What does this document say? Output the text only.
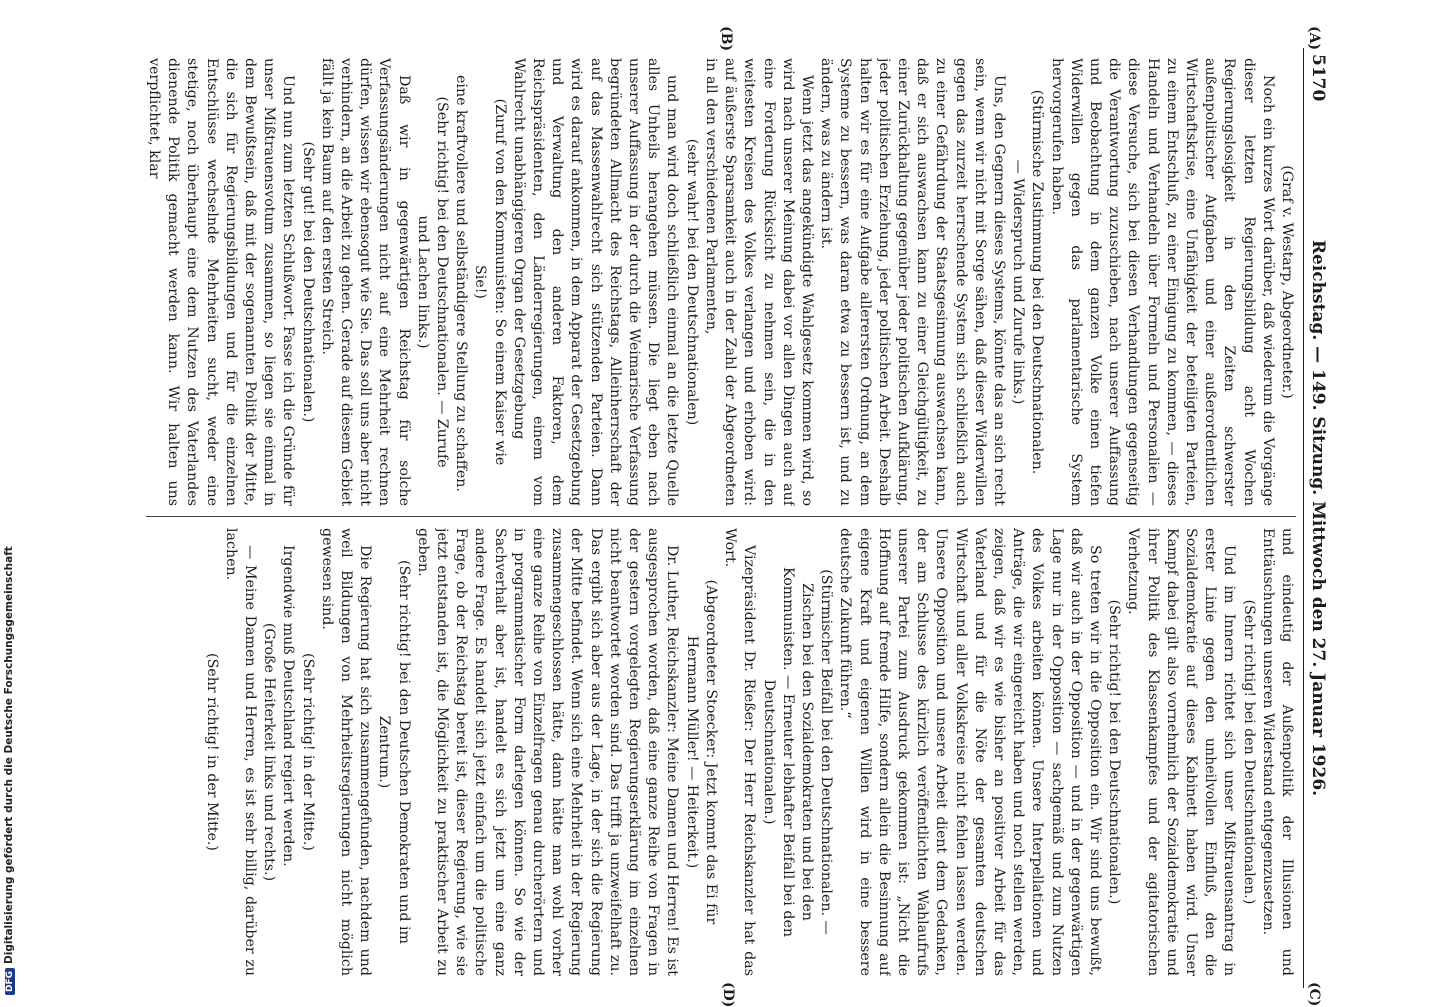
DFGDigitalisierung gefördert durch die Deutsche Forschungsgemeinschaft
5170
Reichstag. — 149. Sitzung. Mittwoch den 27. Januar 1926.
(A)
(B)
(C)
(D)

(Graf v. Westarp, Abgeordneter.)

Noch ein kurzes Wort darüber, daß wiederum die Vorgänge dieser letzten Regierungsbildung acht Wochen Regierungslosigkeit in den Zeiten schwerster außenpolitischer Aufgaben und einer außerordentlichen Wirtschaftskrise, eine Unfähigkeit der beteiligten Parteien, zu einem Entschluß, zu einer Einigung zu kommen, — dieses Handeln und Verhandeln über Formeln und Personalien — diese Versuche, sich bei diesen Verhandlungen gegenseitig die Verantwortung zuzuschieben, nach unserer Auffassung und Beobachtung in dem ganzen Volke einen tiefen Widerwillen gegen das parlamentarische System hervorgerufen haben.

(Stürmische Zustimmung bei den Deutschnationalen. — Widerspruch und Zurufe links.)

Uns, den Gegnern dieses Systems, könnte das an sich recht sein, wenn wir nicht mit Sorge sähen, daß dieser Widerwillen gegen das zurzeit herrschende System sich schließlich auch zu einer Gefährdung der Staatsgesinnung auswachsen kann, daß er sich auswachsen kann zu einer Gleichgültigkeit, zu einer Zurückhaltung gegenüber jeder politischen Aufklärung, jeder politischen Erziehung, jeder politischen Arbeit. Deshalb halten wir es für eine Aufgabe allerersten Ordnung, an dem Systeme zu bessern, was daran etwa zu bessern ist, und zu ändern, was zu ändern ist.

Wenn jetzt das angekündigte Wahlgesetz kommen wird, so wird nach unserer Meinung dabei vor allen Dingen auch auf eine Forderung Rücksicht zu nehmen sein, die in den weitesten Kreisen des Volkes verlangen und erhoben wird: auf äußerste Sparsamkeit auch in der Zahl der Abgeordneten in all den verschiedenen Parlamenten,

(sehr wahr! bei den Deutschnationalen)

und man wird doch schließlich einmal an die letzte Quelle alles Unheils herangehen müssen. Die liegt eben nach unserer Auffassung in der durch die Weimarische Verfassung begründeten Allmacht des Reichstags, Alleinherrschaft der auf das Massenwahlrecht sich stützenden Parteien. Dann wird es darauf ankommen, in dem Apparat der Gesetzgebung und Verwaltung den anderen Faktoren, dem Reichspräsidenten, den Länderregierungen, einem vom Wahlrecht unabhängigeren Organ der Gesetzgebung

(Zuruf von den Kommunisten: So einem Kaiser wie Sie!)

eine kraftvollere und selbständigere Stellung zu schaffen.

(Sehr richtig! bei den Deutschnationalen. — Zurufe und Lachen links.)

Daß wir in gegenwärtigen Reichstag für solche Verfassungsänderungen nicht auf eine Mehrheit rechnen dürfen, wissen wir ebensogut wie Sie. Das soll uns aber nicht verhindern, an die Arbeit zu gehen. Gerade auf diesem Gebiet fällt ja kein Baum auf den ersten Streich.

(Sehr gut! bei den Deutschnationalen.)

Und nun zum letzten Schlußwort. Fasse ich die Gründe für unser Mißtrauensvotum zusammen, so liegen sie einmal in dem Bewußtsein, daß mit der sogenannten Politik der Mitte, die sich für Regierungsbildungen und für die einzelnen Entschlüsse wechselnde Mehrheiten sucht, weder eine stetige, noch überhaupt eine dem Nutzen des Vaterlandes dienende Politik gemacht werden kann. Wir halten uns verpflichtet, klar

und eindeutig der Außenpolitik der Illusionen und Enttäuschungen unseren Widerstand entgegenzusetzen.

(Sehr richtig! bei den Deutschnationalen.)

Und im Innern richtet sich unser Mißtrauensantrag in erster Linie gegen den unheilvollen Einfluß, den die Sozialdemokratie auf dieses Kabinett haben wird. Unser Kampf dabei gilt also vornehmlich der Sozialdemokratie und ihrer Politik des Klassenkampfes und der agitatorischen Verhetzung.

(Sehr richtig! bei den Deutschnationalen.)

So treten wir in die Opposition ein. Wir sind uns bewußt, daß wir auch in der Opposition — und in der gegenwärtigen Lage nur in der Opposition — sachgemäß und zum Nutzen des Volkes arbeiten können. Unsere Interpellationen und Anträge, die wir eingereicht haben und noch stellen werden, zeigen, daß wir es wie bisher an positiver Arbeit für das Vaterland und für die Nöte der gesamten deutschen Wirtschaft und aller Volkskreise nicht fehlen lassen werden. Unsere Opposition und unsere Arbeit dient dem Gedanken, der am Schlusse des kürzlich veröffentlichten Wahlaufrufs unserer Partei zum Ausdruck gekommen ist: „Nicht die Hoffnung auf fremde Hilfe, sondern allein die Besinnung auf eigene Kraft und eigenen Willen wird in eine bessere deutsche Zukunft führen.“

(Stürmischer Beifall bei den Deutschnationalen. — Zischen bei den Sozialdemokraten und bei den Kommunisten. — Erneuter lebhafter Beifall bei den Deutschnationalen.)

Vizepräsident Dr. Rießer: Der Herr Reichskanzler hat das Wort.

(Abgeordneter Stoecker: Jetzt kommt das Ei für Hermann Müller! — Heiterkeit.)

Dr. Luther, Reichskanzler: Meine Damen und Herren! Es ist ausgesprochen worden, daß eine ganze Reihe von Fragen in der gestern vorgelegten Regierungserklärung im einzelnen nicht beantwortet worden sind. Das trifft ja unzweifelhaft zu. Das ergibt sich aber aus der Lage, in der sich die Regierung der Mitte befindet. Wenn sich eine Mehrheit in der Regierung zusammengeschlossen hätte, dann hätte man wohl vorher eine ganze Reihe von Einzelfragen genau durcherörtern und in programmatischer Form darlegen können. So wie der Sachverhalt aber ist, handelt es sich jetzt um eine ganz andere Frage. Es handelt sich jetzt einfach um die politische Frage, ob der Reichstag bereit ist, dieser Regierung, wie sie jetzt entstanden ist, die Möglichkeit zu praktischer Arbeit zu geben.

(Sehr richtig! bei den Deutschen Demokraten und im Zentrum.)

Die Regierung hat sich zusammengefunden, nachdem und weil Bildungen von Mehrheitsregierungen nicht möglich gewesen sind.

(Sehr richtig! in der Mitte.)

Irgendwie muß Deutschland regiert werden.

(Große Heiterkeit links und rechts.)

— Meine Damen und Herren, es ist sehr billig, darüber zu lachen.

(Sehr richtig! in der Mitte.)
